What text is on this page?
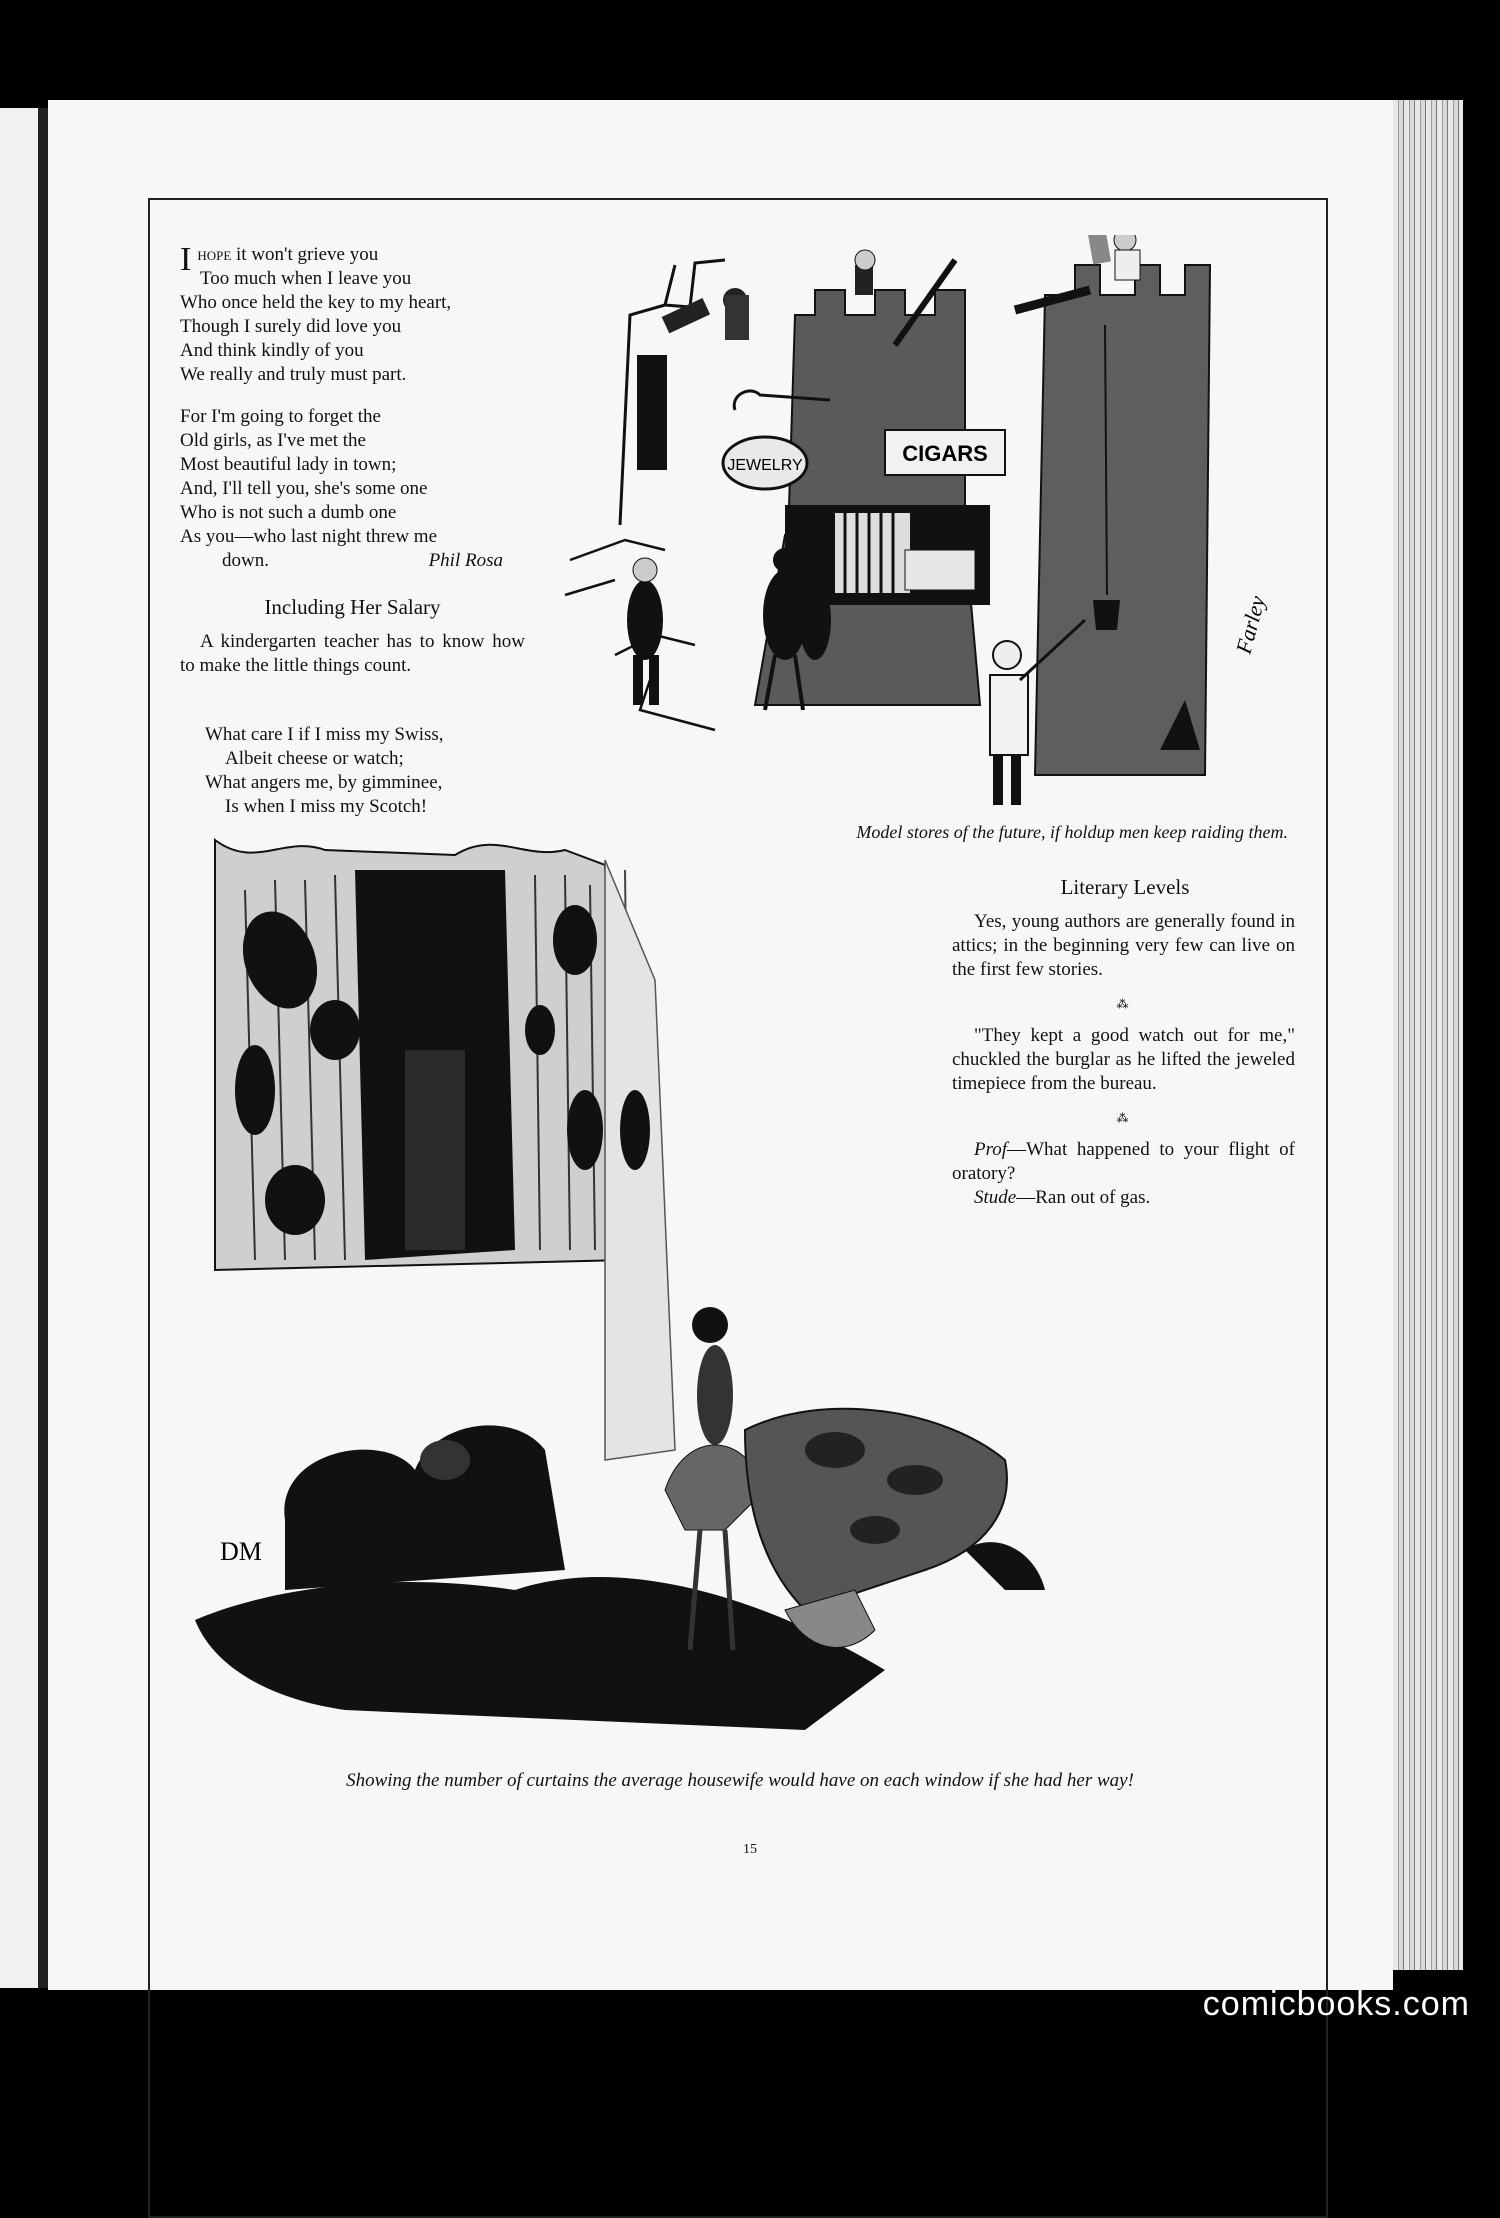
Ihope it won't grieve you
Too much when I leave you
Who once held the key to my heart,
Though I surely did love you
And think kindly of you
We really and truly must part.
For I'm going to forget the
Old girls, as I've met the
Most beautiful lady in town;
And, I'll tell you, she's some one
Who is not such a dumb one
As you—who last night threw me
down.	Phil Rosa
Including Her Salary
A kindergarten teacher has to know how to make the little things count.
What care I if I miss my Swiss,
Albeit cheese or watch;
What angers me, by gimminee,
Is when I miss my Scotch!
DRUGS
JEWELRY	CIGARS
Farley
Model stores of the future, if holdup men keep raiding them.
Literary Levels

Yes, young authors are generally found in attics; in the beginning very few can live on the first few stories.

⁂

"They kept a good watch out for me," chuckled the burglar as he lifted the jeweled timepiece from the bureau.

⁂

Prof—What happened to your flight of oratory?

Stude—Ran out of gas.

DM
Showing the number of curtains the average housewife would have on each window if she had her way!
15
comicbooks.com
